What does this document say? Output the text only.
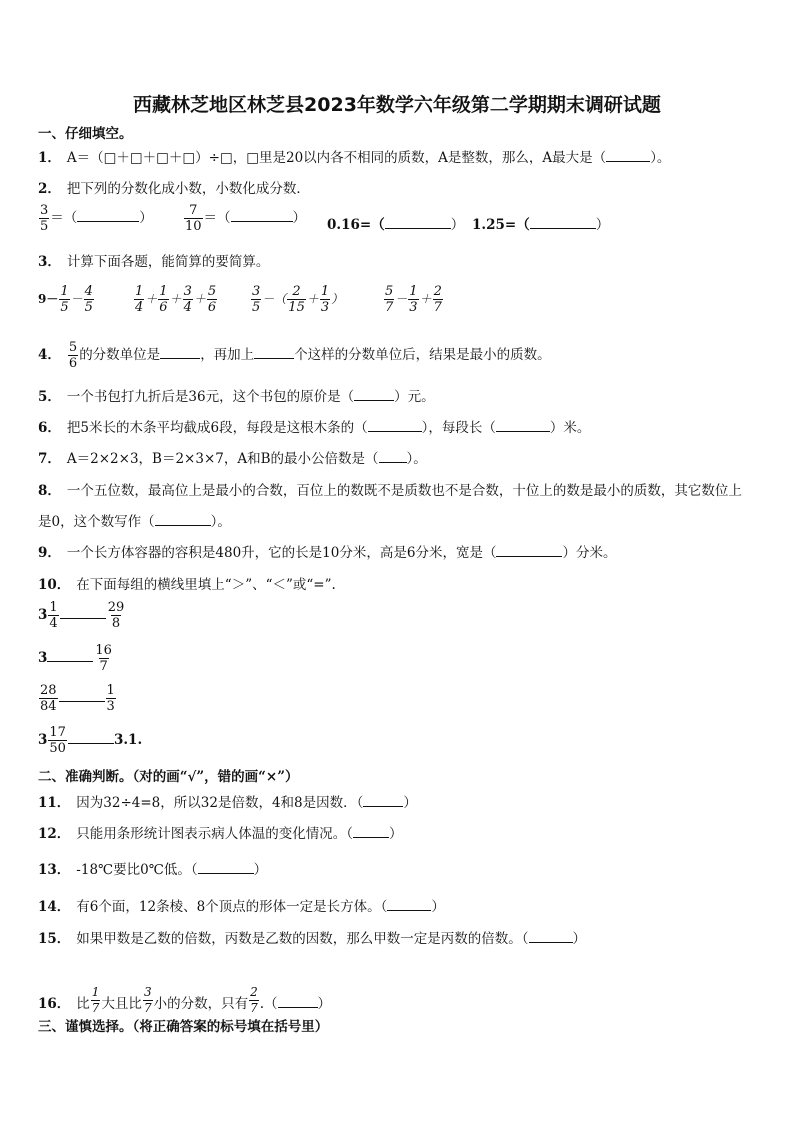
西藏林芝地区林芝县2023年数学六年级第二学期期末调研试题
一、仔细填空。
1． A＝（□＋□＋□＋□）÷□，□里是20以内各不相同的质数，A是整数，那么，A最大是（	）。
2． 把下列的分数化成小数，小数化成分数．
$\frac{3}{5}$ ＝（	） $\frac{7}{10}$ ＝（	） 0.16=（	） 1.25=（	）
3． 计算下面各题，能简算的要简算。
$9- \frac{1}{5} - \frac{4}{5}$	$\frac{1}{4} + \frac{1}{6} + \frac{3}{4} + \frac{5}{6}$	$\frac{3}{5}$ －（ $\frac{2}{15} + \frac{1}{3}$ ）	$\frac{5}{7} - \frac{1}{3} + \frac{2}{7}$
4． $\frac{5}{6}$ 的分数单位是	，再加上	个这样的分数单位后，结果是最小的质数。
5． 一个书包打九折后是36元，这个书包的原价是（	）元。
6． 把5米长的木条平均截成6段，每段是这根木条的（	），每段长（	）米。
7． A＝2×2×3，B＝2×3×7，A和B的最小公倍数是（ ）。
8． 一个五位数，最高位上是最小的合数，百位上的数既不是质数也不是合数，十位上的数是最小的质数，其它数位上
是0，这个数写作（	）。
9． 一个长方体容器的容积是480升，它的长是10分米，高是6分米，宽是（	）分米。
10． 在下面每组的横线里填上“＞”、“＜”或“=”.
$3 \frac{1}{4}$	$\frac{29}{8}$
3	$\frac{16}{7}$
$\frac{28}{84}$	$\frac{1}{3}$
$3 \frac{17}{50}$	3.1.
二、准确判断。（对的画“√”，错的画“×”）
11． 因为32÷4=8，所以32是倍数，4和8是因数．（	）
12． 只能用条形统计图表示病人体温的变化情况。（	）
13． -18℃要比0℃低。（	）
14． 有6个面，12条棱、8个顶点的形体一定是长方体。（	）
15． 如果甲数是乙数的倍数，丙数是乙数的因数，那么甲数一定是丙数的倍数。（	）
16． 比 $\frac{1}{7}$ 大且比 $\frac{3}{7}$ 小的分数，只有 $\frac{2}{7}$ .（	）
三、谨慎选择。（将正确答案的标号填在括号里）
